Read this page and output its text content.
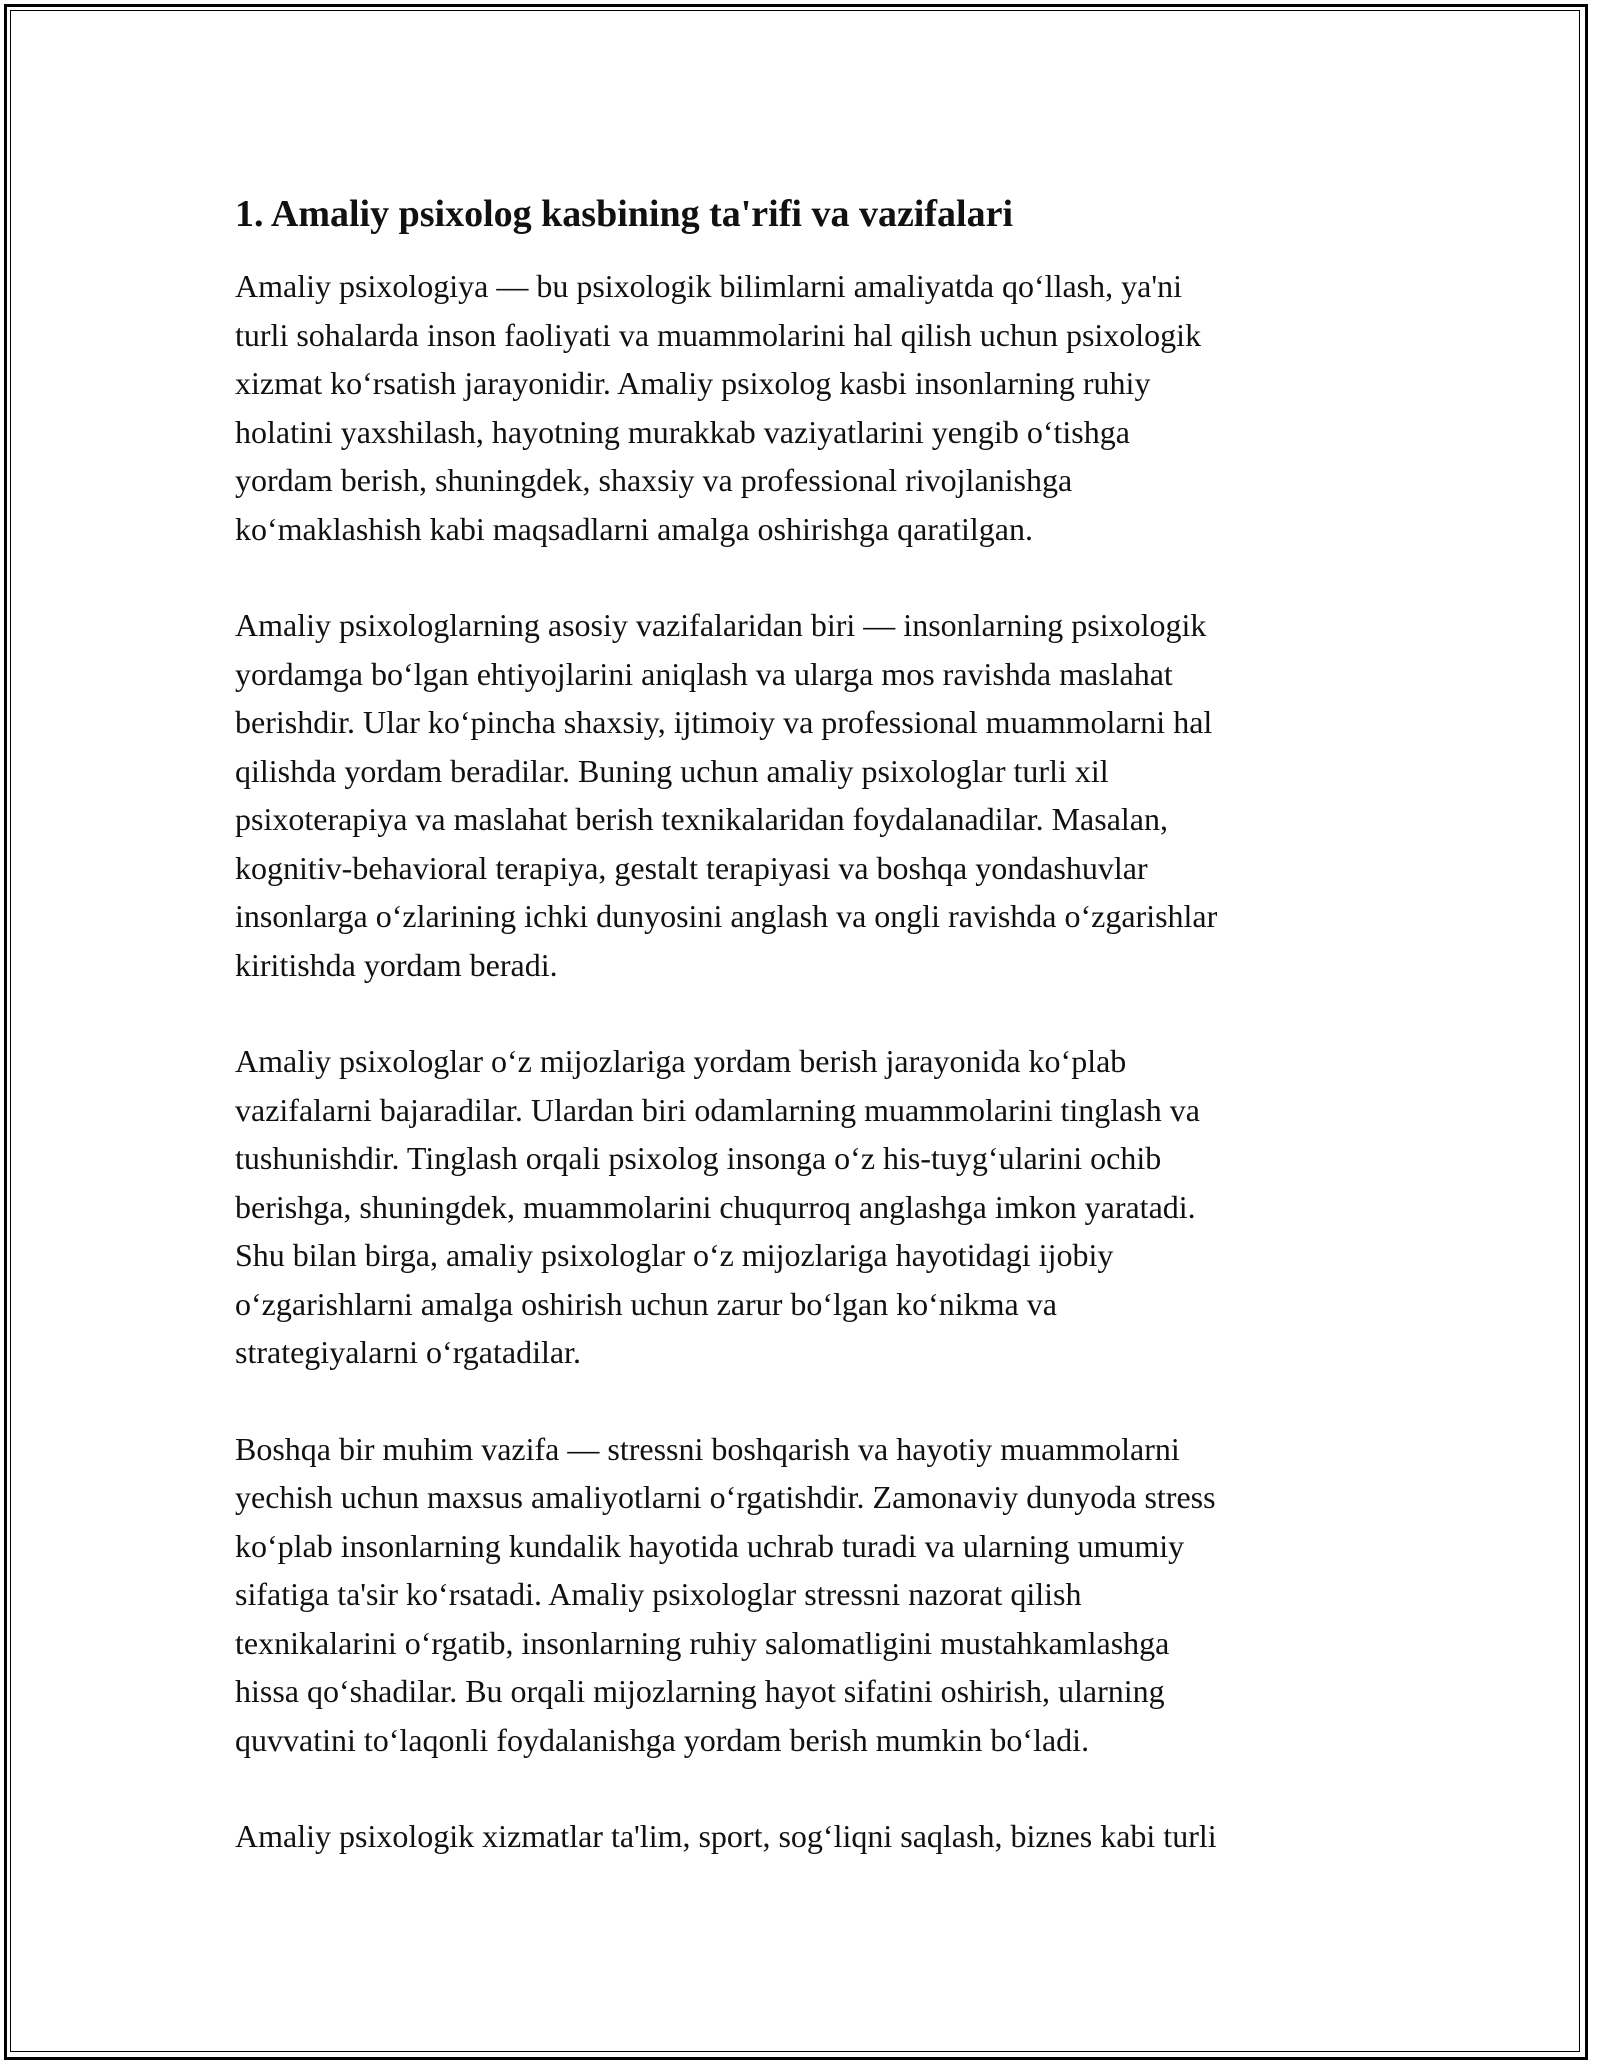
1. Amaliy psixolog kasbining ta'rifi va vazifalari

Amaliy psixologiya — bu psixologik bilimlarni amaliyatda qo‘llash, ya'ni
turli sohalarda inson faoliyati va muammolarini hal qilish uchun psixologik
xizmat ko‘rsatish jarayonidir. Amaliy psixolog kasbi insonlarning ruhiy
holatini yaxshilash, hayotning murakkab vaziyatlarini yengib o‘tishga
yordam berish, shuningdek, shaxsiy va professional rivojlanishga
ko‘maklashish kabi maqsadlarni amalga oshirishga qaratilgan.

Amaliy psixologlarning asosiy vazifalaridan biri — insonlarning psixologik
yordamga bo‘lgan ehtiyojlarini aniqlash va ularga mos ravishda maslahat
berishdir. Ular ko‘pincha shaxsiy, ijtimoiy va professional muammolarni hal
qilishda yordam beradilar. Buning uchun amaliy psixologlar turli xil
psixoterapiya va maslahat berish texnikalaridan foydalanadilar. Masalan,
kognitiv-behavioral terapiya, gestalt terapiyasi va boshqa yondashuvlar
insonlarga o‘zlarining ichki dunyosini anglash va ongli ravishda o‘zgarishlar
kiritishda yordam beradi.

Amaliy psixologlar o‘z mijozlariga yordam berish jarayonida ko‘plab
vazifalarni bajaradilar. Ulardan biri odamlarning muammolarini tinglash va
tushunishdir. Tinglash orqali psixolog insonga o‘z his-tuyg‘ularini ochib
berishga, shuningdek, muammolarini chuqurroq anglashga imkon yaratadi.
Shu bilan birga, amaliy psixologlar o‘z mijozlariga hayotidagi ijobiy
o‘zgarishlarni amalga oshirish uchun zarur bo‘lgan ko‘nikma va
strategiyalarni o‘rgatadilar.

Boshqa bir muhim vazifa — stressni boshqarish va hayotiy muammolarni
yechish uchun maxsus amaliyotlarni o‘rgatishdir. Zamonaviy dunyoda stress
ko‘plab insonlarning kundalik hayotida uchrab turadi va ularning umumiy
sifatiga ta'sir ko‘rsatadi. Amaliy psixologlar stressni nazorat qilish
texnikalarini o‘rgatib, insonlarning ruhiy salomatligini mustahkamlashga
hissa qo‘shadilar. Bu orqali mijozlarning hayot sifatini oshirish, ularning
quvvatini to‘laqonli foydalanishga yordam berish mumkin bo‘ladi.

Amaliy psixologik xizmatlar ta'lim, sport, sog‘liqni saqlash, biznes kabi turli
